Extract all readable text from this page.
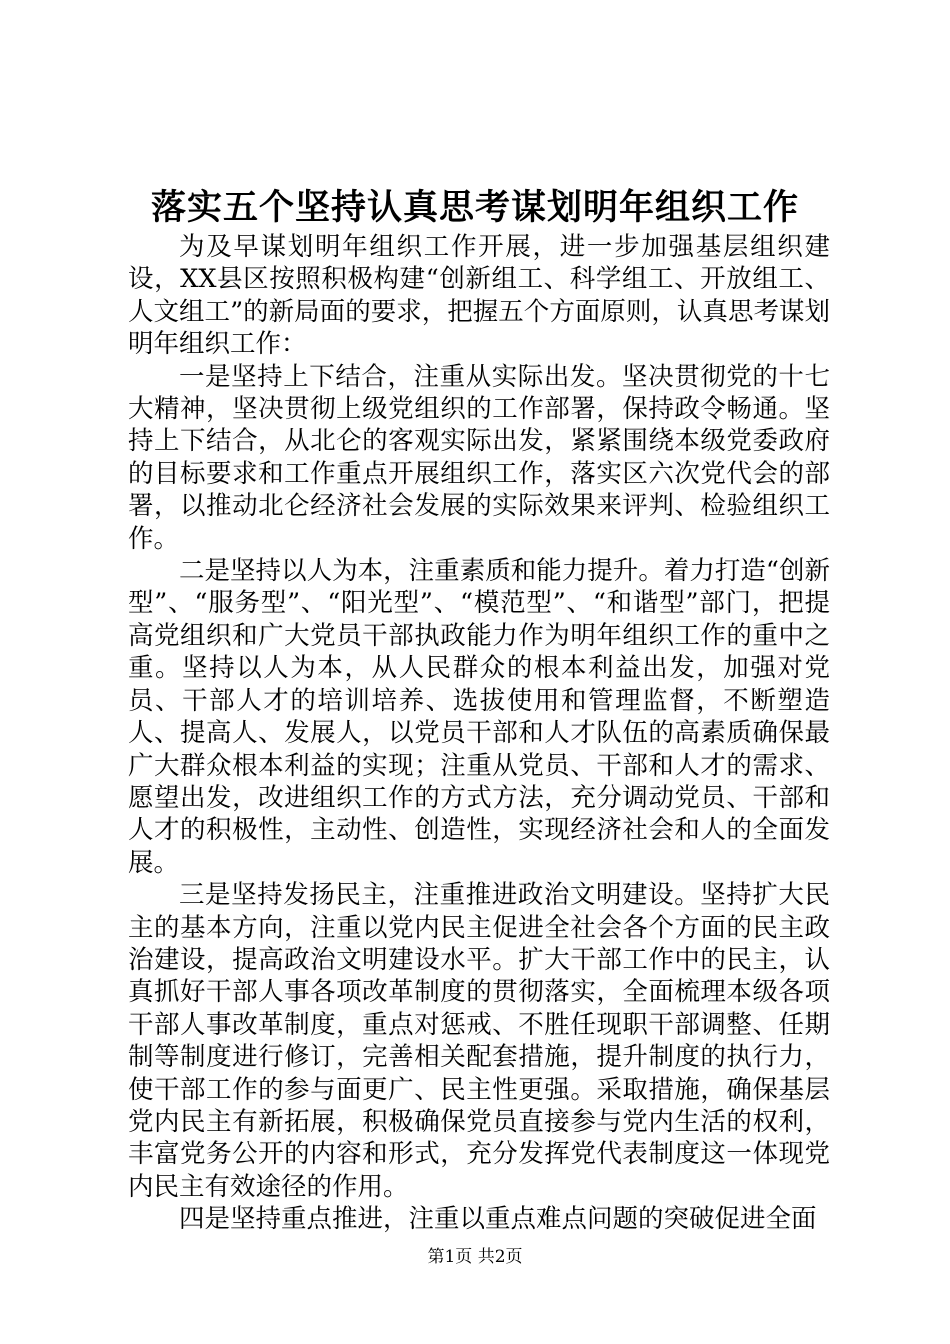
落实五个坚持认真思考谋划明年组织工作

为及早谋划明年组织工作开展，进一步加强基层组织建设，XX县区按照积极构建“创新组工、科学组工、开放组工、人文组工”的新局面的要求，把握五个方面原则，认真思考谋划明年组织工作：

一是坚持上下结合，注重从实际出发。坚决贯彻党的十七大精神，坚决贯彻上级党组织的工作部署，保持政令畅通。坚持上下结合，从北仑的客观实际出发，紧紧围绕本级党委政府的目标要求和工作重点开展组织工作，落实区六次党代会的部署，以推动北仑经济社会发展的实际效果来评判、检验组织工作。

二是坚持以人为本，注重素质和能力提升。着力打造“创新型”、“服务型”、“阳光型”、“模范型”、“和谐型”部门，把提高党组织和广大党员干部执政能力作为明年组织工作的重中之重。坚持以人为本，从人民群众的根本利益出发，加强对党员、干部人才的培训培养、选拔使用和管理监督，不断塑造人、提高人、发展人，以党员干部和人才队伍的高素质确保最广大群众根本利益的实现；注重从党员、干部和人才的需求、愿望出发，改进组织工作的方式方法，充分调动党员、干部和人才的积极性，主动性、创造性，实现经济社会和人的全面发展。

三是坚持发扬民主，注重推进政治文明建设。坚持扩大民主的基本方向，注重以党内民主促进全社会各个方面的民主政治建设，提高政治文明建设水平。扩大干部工作中的民主，认真抓好干部人事各项改革制度的贯彻落实，全面梳理本级各项干部人事改革制度，重点对惩戒、不胜任现职干部调整、任期制等制度进行修订，完善相关配套措施，提升制度的执行力，使干部工作的参与面更广、民主性更强。采取措施，确保基层党内民主有新拓展，积极确保党员直接参与党内生活的权利，丰富党务公开的内容和形式，充分发挥党代表制度这一体现党内民主有效途径的作用。

四是坚持重点推进，注重以重点难点问题的突破促进全面

第1页 共2页
